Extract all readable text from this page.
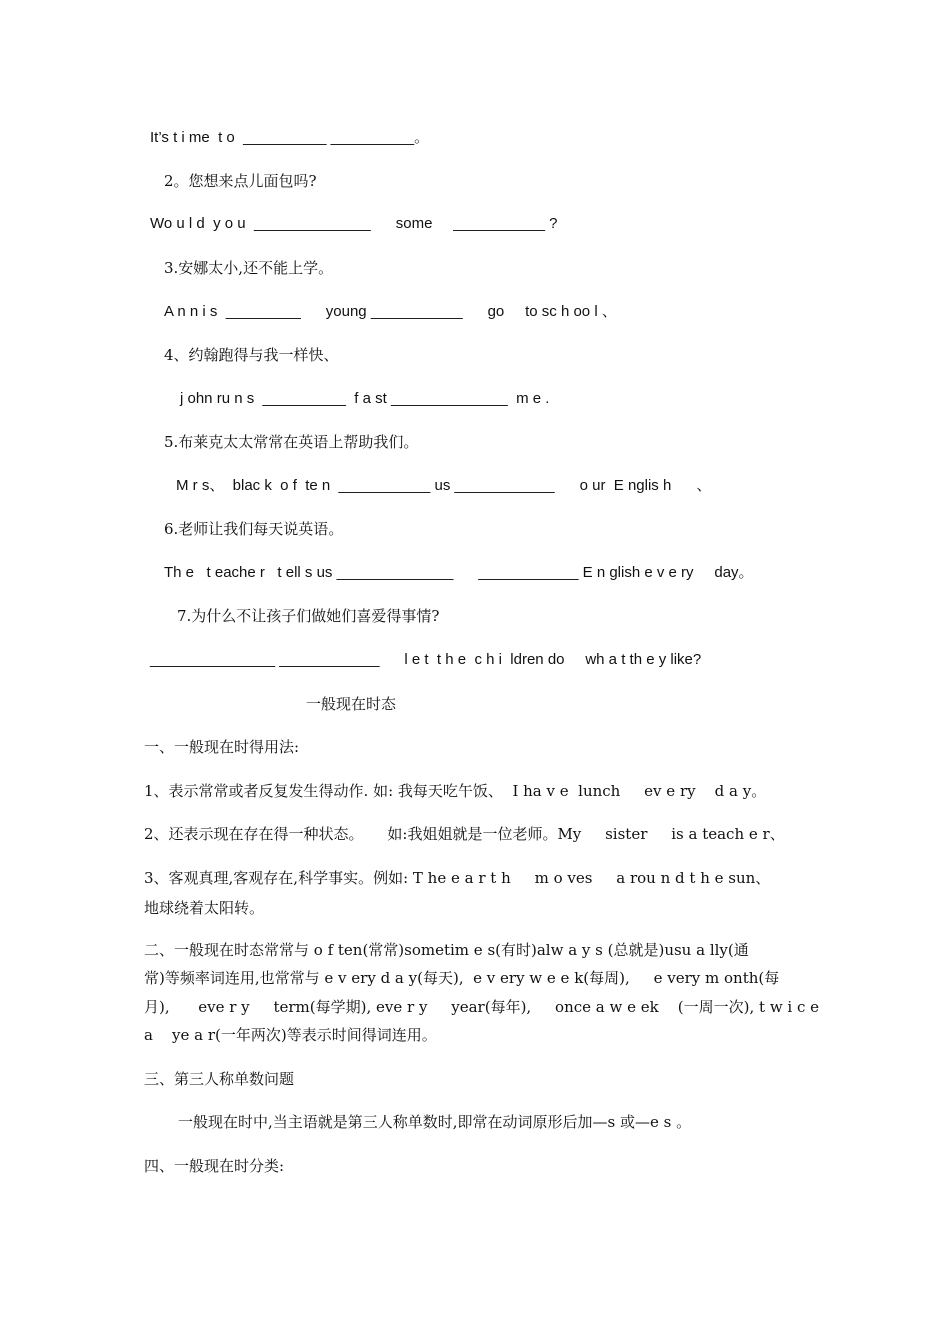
It’s t i me  t o  __________ __________。
2。您想来点儿面包吗?
Wo u l d  y o u  ______________      some     ___________ ?
3.安娜太小,还不能上学。
A n n i s  _________      young ___________      go     to sc h oo l 、
4、约翰跑得与我一样快、
j ohn ru n s  __________  f a st ______________  m e .
5.布莱克太太常常在英语上帮助我们。
M r s、  blac k  o f  te n  ___________ us ____________      o ur  E nglis h      、
6.老师让我们每天说英语。
Th e   t eache r   t ell s us ______________      ____________ E n glish e v e ry     day。
7.为什么不让孩子们做她们喜爱得事情?
_______________ ____________      l e t  t h e  c h i  ldren do     wh a t th e y like?
一般现在时态
一、一般现在时得用法:
1、表示常常或者反复发生得动作. 如: 我每天吃午饭、  I ha v e  lunch     ev e ry    d a y。
2、还表示现在存在得一种状态。     如:我姐姐就是一位老师。My     sister     is a teach e r、
3、客观真理,客观存在,科学事实。例如: T he e a r t h     m o ves     a rou n d t h e sun、
地球绕着太阳转。
二、一般现在时态常常与 o f ten(常常)sometim e s(有时)alw a y s (总就是)usu a lly(通
常)等频率词连用,也常常与 e v ery d a y(每天),  e v ery w e e k(每周),     e very m onth(每
月),      eve r y     term(每学期), eve r y     year(每年),     once a w e ek    (一周一次), t w i c e
a    ye a r(一年两次)等表示时间得词连用。
三、第三人称单数问题
一般现在时中,当主语就是第三人称单数时,即常在动词原形后加—s 或—e s 。
四、一般现在时分类:
